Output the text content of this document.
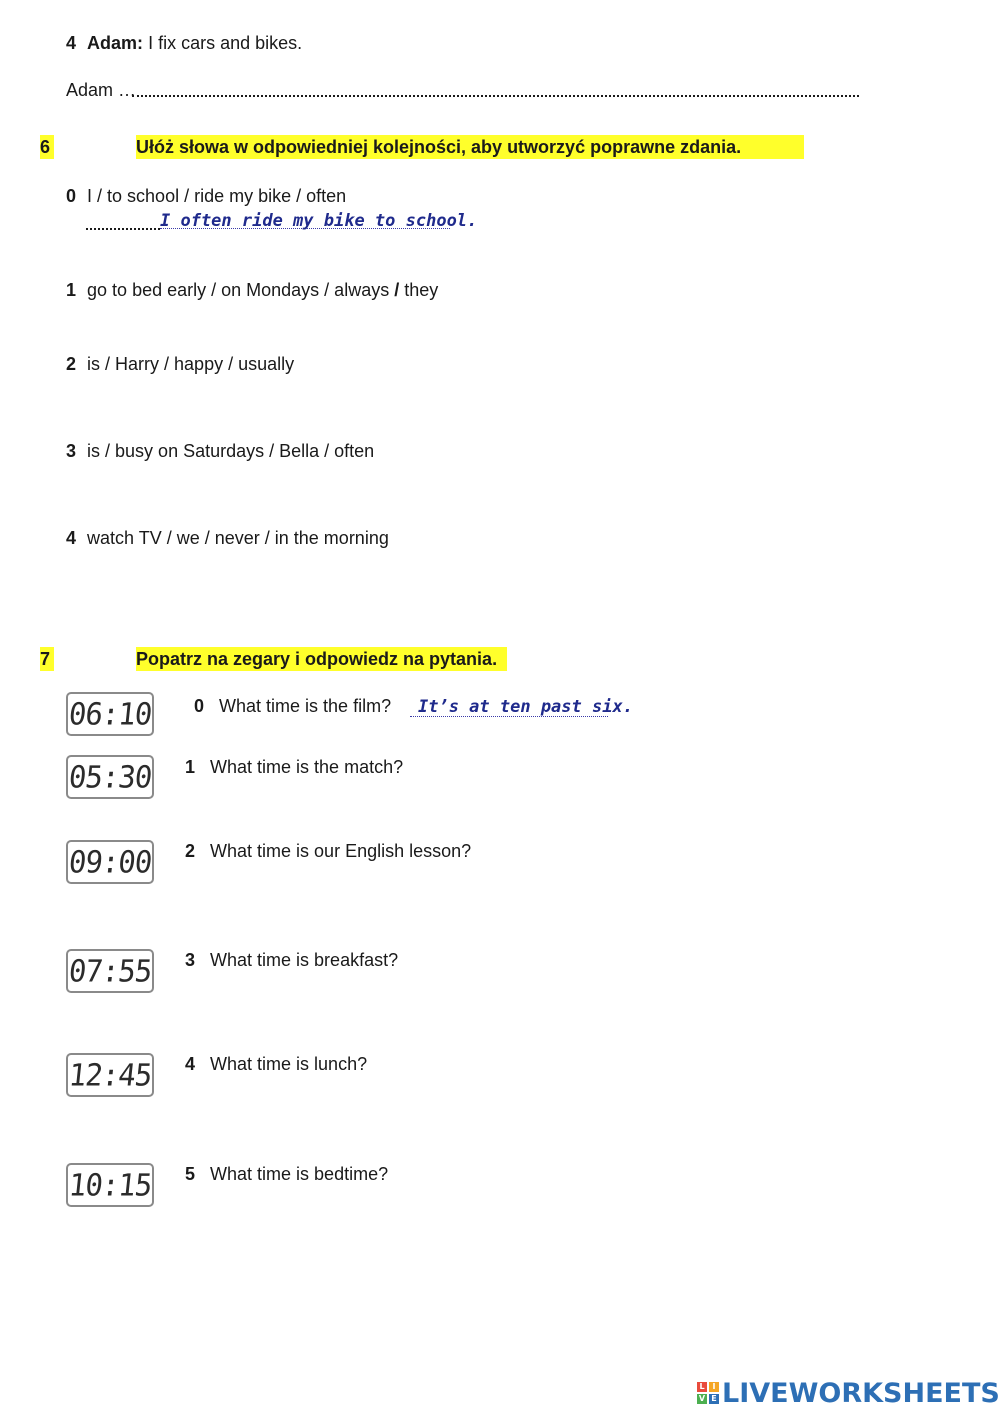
4 Adam: I fix cars and bikes.
Adam …
6	Ułóż słowa w odpowiedniej kolejności, aby utworzyć poprawne zdania.
0 I / to school / ride my bike / often
I often ride my bike to school.
1 go to bed early / on Mondays / always / they
2 is / Harry / happy / usually
3 is / busy on Saturdays / Bella / often
4 watch TV / we / never / in the morning
7	Popatrz na zegary i odpowiedz na pytania.
06:10 0 What time is the film?	It’s at ten past six.
05:30 1 What time is the match?
09:00 2 What time is our English lesson?
07:55 3 What time is breakfast?
12:45 4 What time is lunch?
10:15 5 What time is bedtime?
L I
V E LIVEWORKSHEETS
